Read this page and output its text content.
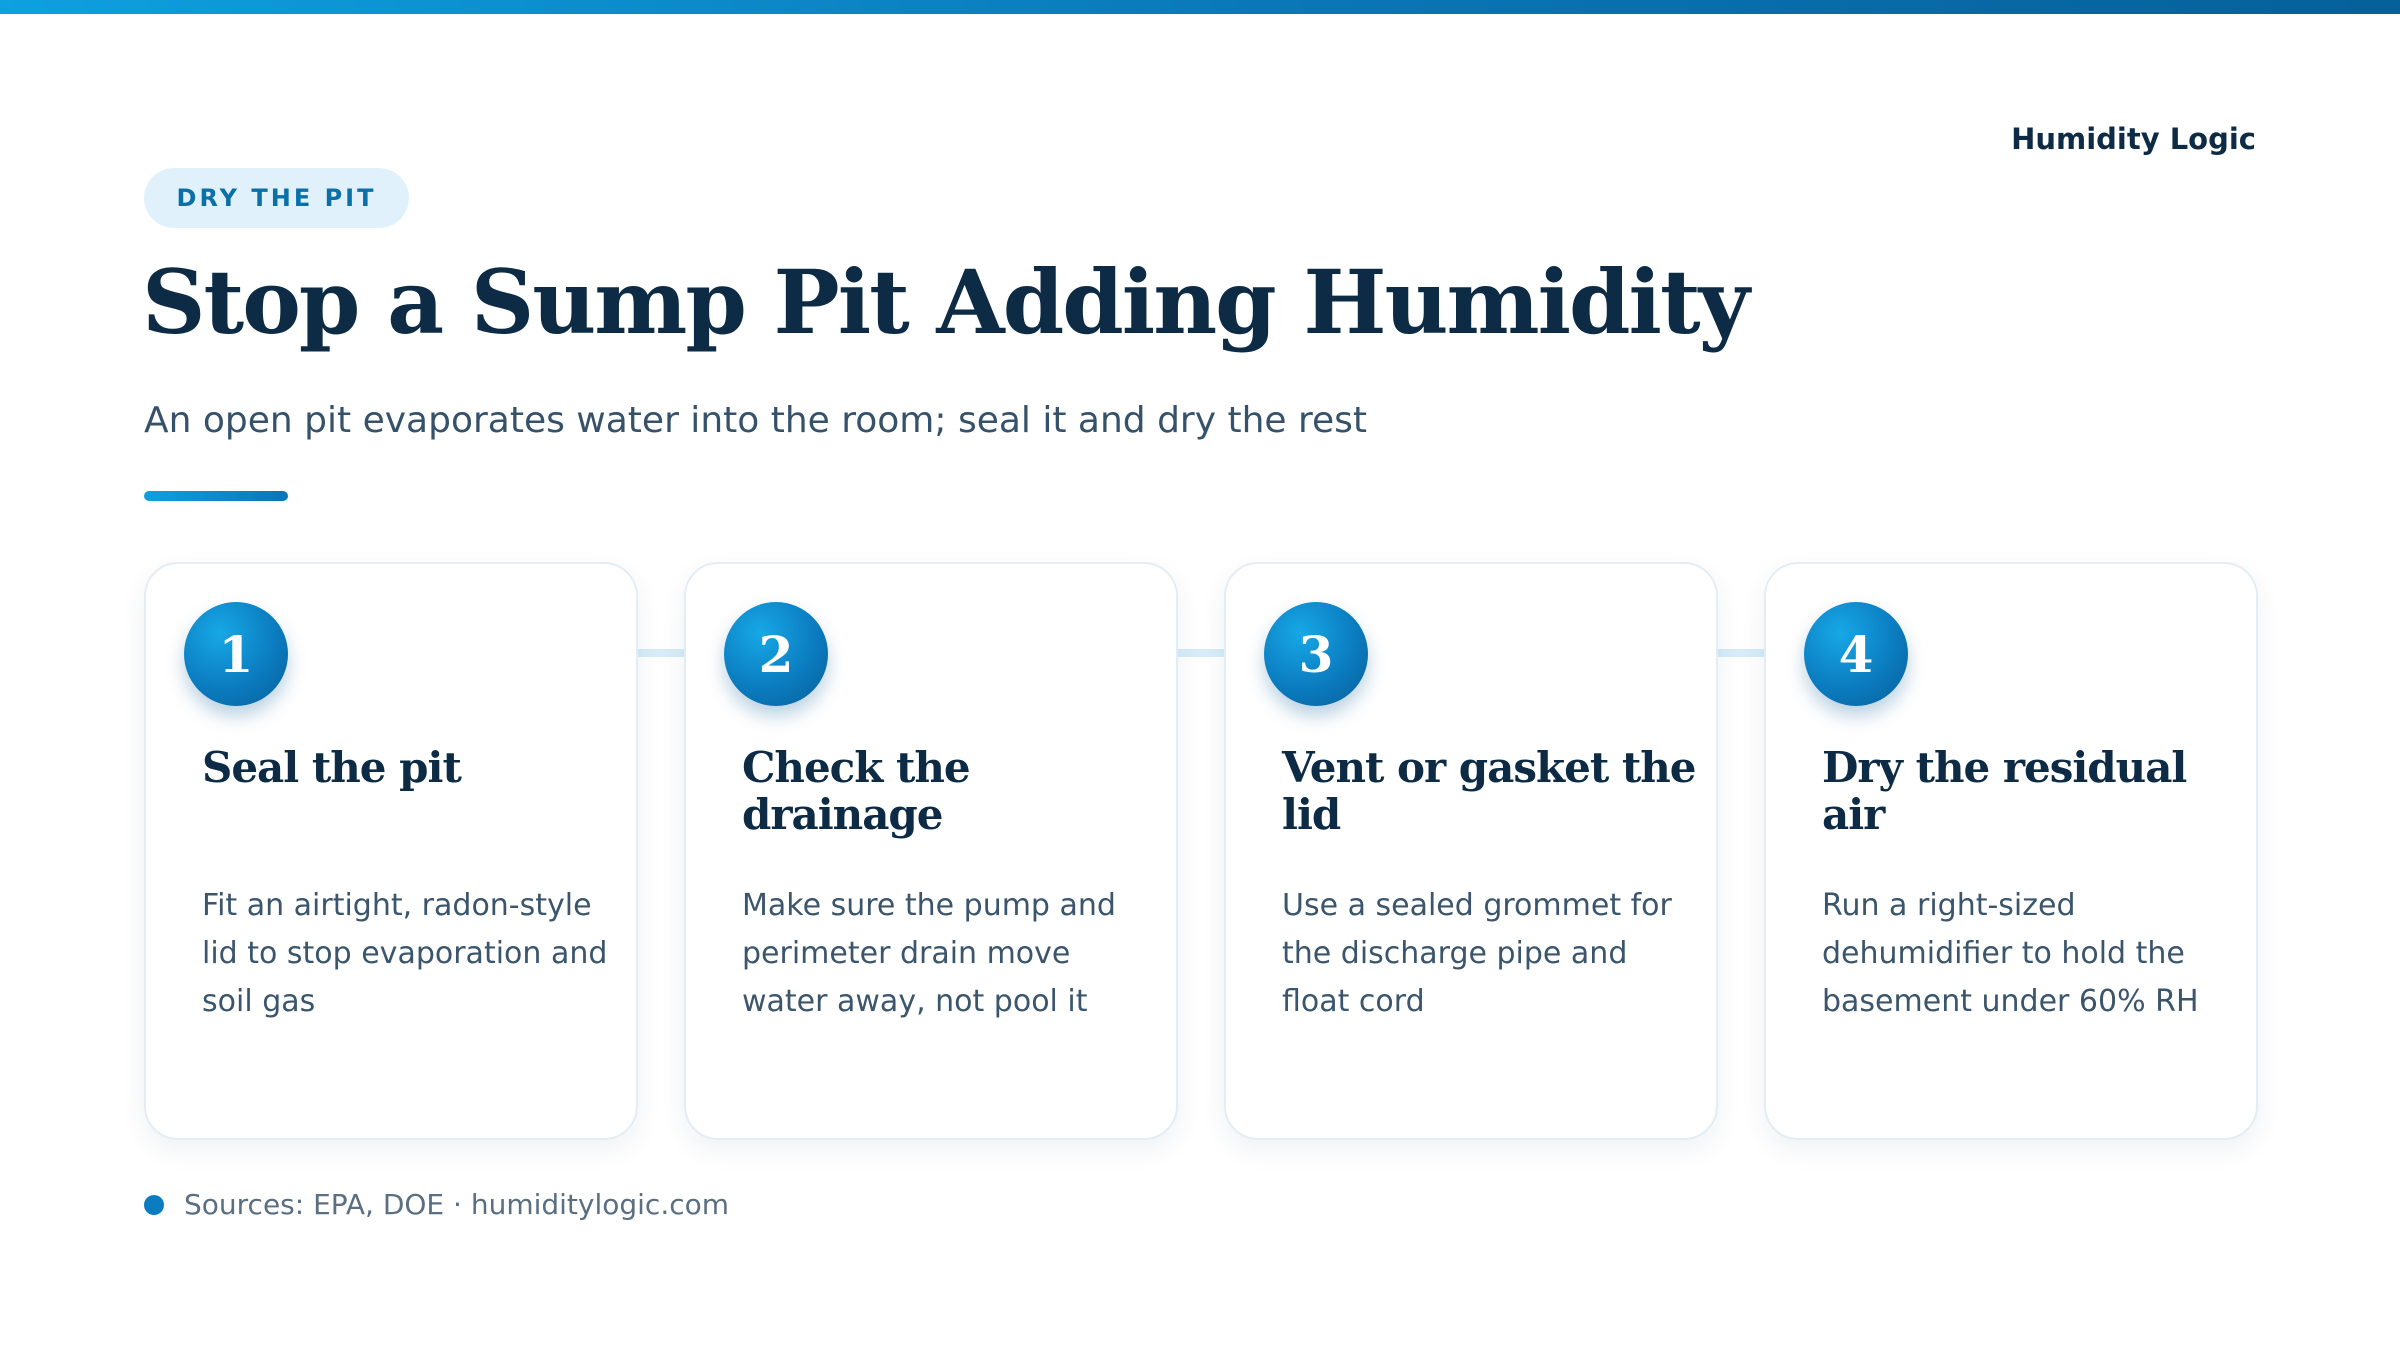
Humidity Logic
DRY THE PIT
Stop a Sump Pit Adding Humidity

An open pit evaporates water into the room; seal it and dry the rest

1
Seal the pit
Fit an airtight, radon-style lid to stop evaporation and soil gas
2
Check the drainage
Make sure the pump and perimeter drain move water away, not pool it
3
Vent or gasket the lid
Use a sealed grommet for the discharge pipe and float cord
4
Dry the residual air
Run a right-sized dehumidifier to hold the basement under 60% RH
Sources: EPA, DOE · humiditylogic.com
